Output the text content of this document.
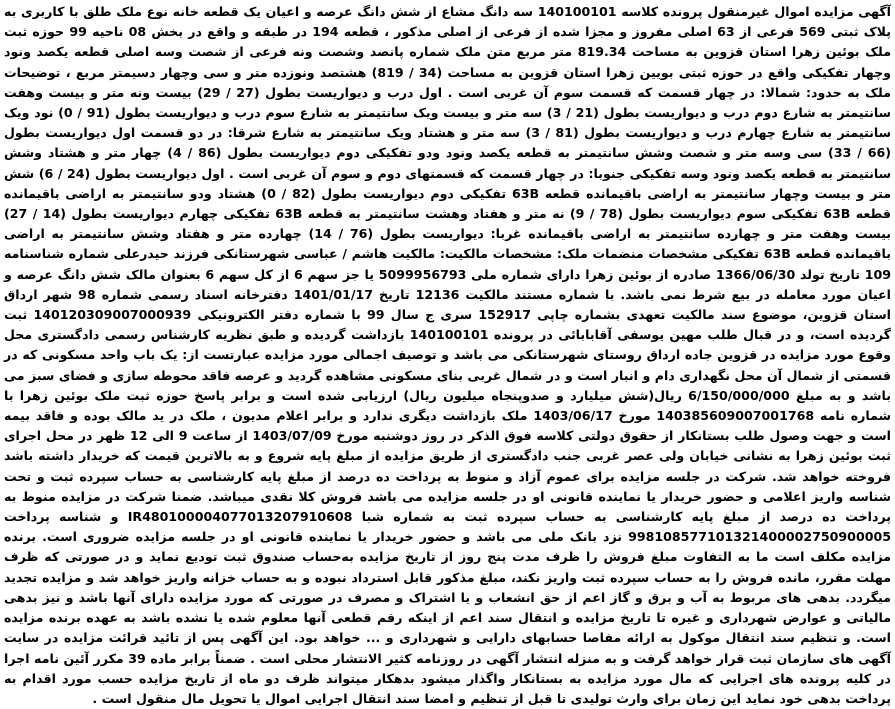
آگهی مزایده اموال غیرمنقول پرونده کلاسه 140100101 سه دانگ مشاع از شش دانگ عرصه و اعیان یک قطعه خانه نوع ملک طلق با کاربری به پلاک ثبتی 569 فرعی از 63 اصلی مفروز و مجزا شده از فرعی از اصلی مذکور ، قطعه 194 در طبقه و واقع در بخش 08 ناحیه 99 حوزه ثبت ملک بوئین زهرا استان قزوین به مساحت 819.34 متر مربع متن ملک شماره پانصد وشصت ونه فرعی از شصت وسه اصلی قطعه یکصد ونود وچهار تفکیکی واقع در حوزه ثبتی بویین زهرا استان قزوین به مساحت (34 / 819) هشتصد ونوزده متر و سی وچهار دسیمتر مربع ، توضیحات ملک به حدود: شمالا: در چهار قسمت که قسمت سوم آن غربی است . اول درب و دیواریست بطول (27 / 29) بیست ونه متر و بیست وهفت سانتیمتر به شارع دوم درب و دیواریست بطول (21 / 3) سه متر و بیست ویک سانتیمتر به شارع سوم درب و دیواریست بطول (91 / 0) نود ویک سانتیمتر به شارع چهارم درب و دیواریست بطول (81 / 3) سه متر و هشتاد ویک سانتیمتر به شارع شرقا: در دو قسمت اول دیواریست بطول (66 / 33) سی وسه متر و شصت وشش سانتیمتر به قطعه یکصد ونود ودو تفکیکی دوم دیواریست بطول (86 / 4) چهار متر و هشتاد وشش سانتیمتر به قطعه یکصد ونود وسه تفکیکی جنوبا: در چهار قسمت که قسمتهای دوم و سوم آن غربی است . اول دیواریست بطول (24 / 6) شش متر و بیست وچهار سانتیمتر به اراضی باقیمانده قطعه 63B تفکیکی دوم دیواریست بطول (82 / 0) هشتاد ودو سانتیمتر به اراضی باقیمانده قطعه 63B تفکیکی سوم دیواریست بطول (78 / 9) نه متر و هفتاد وهشت سانتیمتر به قطعه 63B تفکیکی چهارم دیواریست بطول (14 / 27) بیست وهفت متر و چهارده سانتیمتر به اراضی باقیمانده غربا: دیواریست بطول (76 / 14) چهارده متر و هفتاد وشش سانتیمتر به اراضی باقیمانده قطعه 63B تفکیکی مشخصات منضمات ملک: مشخصات مالکیت: مالکیت هاشم / عباسی شهرستانکی فرزند حیدرعلی شماره شناسنامه 109 تاریخ تولد 1366/06/30 صادره از بوئین زهرا دارای شماره ملی 5099956793 یا جز سهم 6 از کل سهم 6 بعنوان مالک شش دانگ عرصه و اعیان مورد معامله در بیع شرط نمی باشد. با شماره مستند مالکیت 12136 تاریخ 1401/01/17 دفترخانه اسناد رسمی شماره 98 شهر ارداق استان قزوین، موضوع سند مالکیت تعهدی بشماره چاپی 152917 سری ج سال 99 با شماره دفتر الکترونیکی 140120309007000939 ثبت گردیده است، و در قبال طلب مهین یوسفی آقابابائی در پرونده 140100101 بازداشت گردیده و طبق نظریه کارشناس رسمی دادگستری محل وقوع مورد مزایده در قزوین جاده ارداق روستای شهرستانکی می باشد و توصیف اجمالی مورد مزایده عبارتست از: یک باب واحد مسکونی که در قسمتی از شمال آن محل نگهداری دام و انبار است و در شمال غربی بنای مسکونی مشاهده گردید و عرصه فاقد محوطه سازی و فضای سبز می باشد و به مبلغ 6/150/000/000 ریال(شش میلیارد و صدوپنجاه میلیون ریال) ارزیابی شده است و برابر پاسخ حوزه ثبت ملک بوئین زهرا با شماره نامه 140385609007001768 مورخ 1403/06/17 ملک بازداشت دیگری ندارد و برابر اعلام مدیون ، ملک در ید مالک بوده و فاقد بیمه است و جهت وصول طلب بستانکار از حقوق دولتی کلاسه فوق الذکر در روز دوشنبه مورخ 1403/07/09 از ساعت 9 الی 12 ظهر در محل اجرای ثبت بوئین زهرا به نشانی خیابان ولی عصر غربی جنب دادگستری از طریق مزایده از مبلغ پایه شروع و به بالاترین قیمت که خریدار داشته باشد فروخته خواهد شد. شرکت در جلسه مزایده برای عموم آزاد و منوط به پرداخت ده درصد از مبلغ پایه کارشناسی به حساب سپرده ثبت و تحت شناسه واریز اعلامی و حضور خریدار یا نماینده قانونی او در جلسه مزایده می باشد فروش کلا نقدی میباشد. ضمنا شرکت در مزایده منوط به پرداخت ده درصد از مبلغ پایه کارشناسی به حساب سپرده ثبت به شماره شبا IR480100004077013207910608 و شناسه پرداخت 998108577101321400002750900005 نزد بانک ملی می باشد و حضور خریدار یا نماینده قانونی او در جلسه مزایده ضروری است. برنده مزایده مکلف است ما به التفاوت مبلغ فروش را ظرف مدت پنج روز از تاریخ مزایده به‌حساب صندوق ثبت تودیع نماید و در صورتی که ظرف مهلت مقرر، مانده فروش را به حساب سپرده ثبت واریز نکند، مبلغ مذکور قابل استرداد نبوده و به حساب خزانه واریز خواهد شد و مزایده تجدید میگردد. بدهی های مربوط به آب و برق و گاز اعم از حق انشعاب و یا اشتراک و مصرف در صورتی که مورد مزایده دارای آنها باشد و نیز بدهی مالیاتی و عوارض شهرداری و غیره تا تاریخ مزایده و انتقال سند اعم از اینکه رقم قطعی آنها معلوم شده یا نشده باشد به عهده برنده مزایده است. و تنظیم سند انتقال موکول به ارائه مفاصا حسابهای دارایی و شهرداری و ... خواهد بود. این آگهی پس از تائید قرائت مزایده در سایت آگهی های سازمان ثبت قرار خواهد گرفت و به منزله انتشار آگهی در روزنامه کثیر الانتشار محلی است . ضمناً برابر ماده 39 مکرر آئین نامه اجرا در کلیه پرونده های اجرایی که مال مورد مزایده به بستانکار واگذار میشود بدهکار میتواند ظرف دو ماه از تاریخ مزایده حسب مورد اقدام به پرداخت بدهی خود نماید این زمان برای وارث تولیدی تا قبل از تنظیم و امضا سند انتقال اجرایی اموال یا تحویل مال منقول است .
